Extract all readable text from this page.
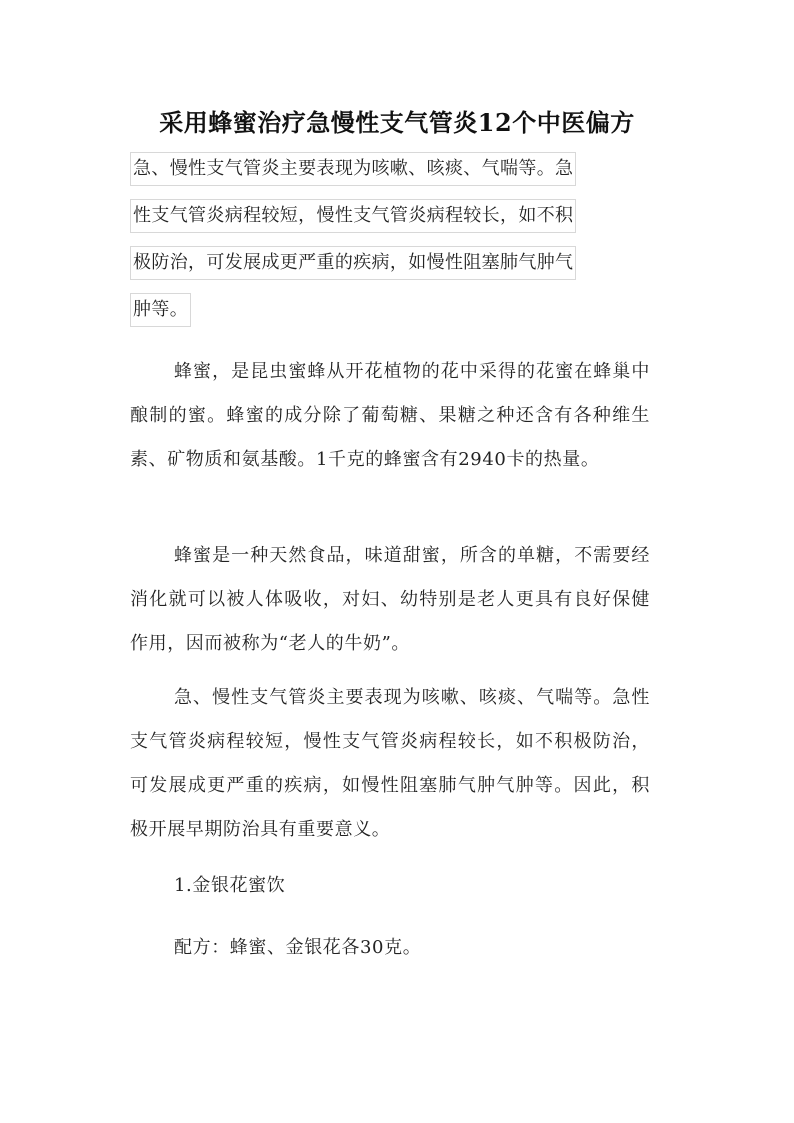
采用蜂蜜治疗急慢性支气管炎12个中医偏方
急、慢性支气管炎主要表现为咳嗽、咳痰、气喘等。急
性支气管炎病程较短，慢性支气管炎病程较长，如不积
极防治，可发展成更严重的疾病，如慢性阻塞肺气肿气
肿等。

蜂蜜，是昆虫蜜蜂从开花植物的花中采得的花蜜在蜂巢中酿制的蜜。蜂蜜的成分除了葡萄糖、果糖之种还含有各种维生素、矿物质和氨基酸。1千克的蜂蜜含有2940卡的热量。

蜂蜜是一种天然食品，味道甜蜜，所含的单糖，不需要经消化就可以被人体吸收，对妇、幼特别是老人更具有良好保健作用，因而被称为“老人的牛奶”。

急、慢性支气管炎主要表现为咳嗽、咳痰、气喘等。急性支气管炎病程较短，慢性支气管炎病程较长，如不积极防治，可发展成更严重的疾病，如慢性阻塞肺气肿气肿等。因此，积极开展早期防治具有重要意义。

1.金银花蜜饮

配方：蜂蜜、金银花各30克。
